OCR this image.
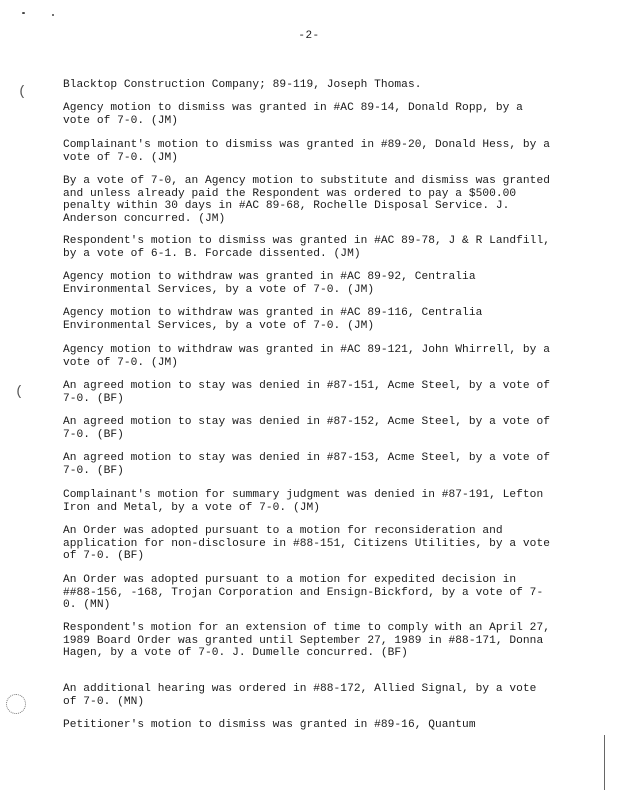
-2-
(
(
Blacktop Construction Company; 89-119, Joseph Thomas.
Agency motion to dismiss was granted in #AC 89-14, Donald Ropp, by a vote of 7-0. (JM)
Complainant's motion to dismiss was granted in #89-20, Donald Hess, by a vote of 7-0. (JM)
By a vote of 7-0, an Agency motion to substitute and dismiss was granted and unless already paid the Respondent was ordered to pay a $500.00 penalty within 30 days in #AC 89-68, Rochelle Disposal Service. J. Anderson concurred. (JM)
Respondent's motion to dismiss was granted in #AC 89-78, J & R Landfill, by a vote of 6-1. B. Forcade dissented. (JM)
Agency motion to withdraw was granted in #AC 89-92, Centralia Environmental Services, by a vote of 7-0. (JM)
Agency motion to withdraw was granted in #AC 89-116, Centralia Environmental Services, by a vote of 7-0. (JM)
Agency motion to withdraw was granted in #AC 89-121, John Whirrell, by a vote of 7-0. (JM)
An agreed motion to stay was denied in #87-151, Acme Steel, by a vote of 7-0. (BF)
An agreed motion to stay was denied in #87-152, Acme Steel, by a vote of 7-0. (BF)
An agreed motion to stay was denied in #87-153, Acme Steel, by a vote of 7-0. (BF)
Complainant's motion for summary judgment was denied in #87-191, Lefton Iron and Metal, by a vote of 7-0. (JM)
An Order was adopted pursuant to a motion for reconsideration and application for non-disclosure in #88-151, Citizens Utilities, by a vote of 7-0. (BF)
An Order was adopted pursuant to a motion for expedited decision in ##88-156, -168, Trojan Corporation and Ensign-Bickford, by a vote of 7-0. (MN)
Respondent's motion for an extension of time to comply with an April 27, 1989 Board Order was granted until September 27, 1989 in #88-171, Donna Hagen, by a vote of 7-0. J. Dumelle concurred. (BF)
An additional hearing was ordered in #88-172, Allied Signal, by a vote of 7-0. (MN)
Petitioner's motion to dismiss was granted in #89-16, Quantum
